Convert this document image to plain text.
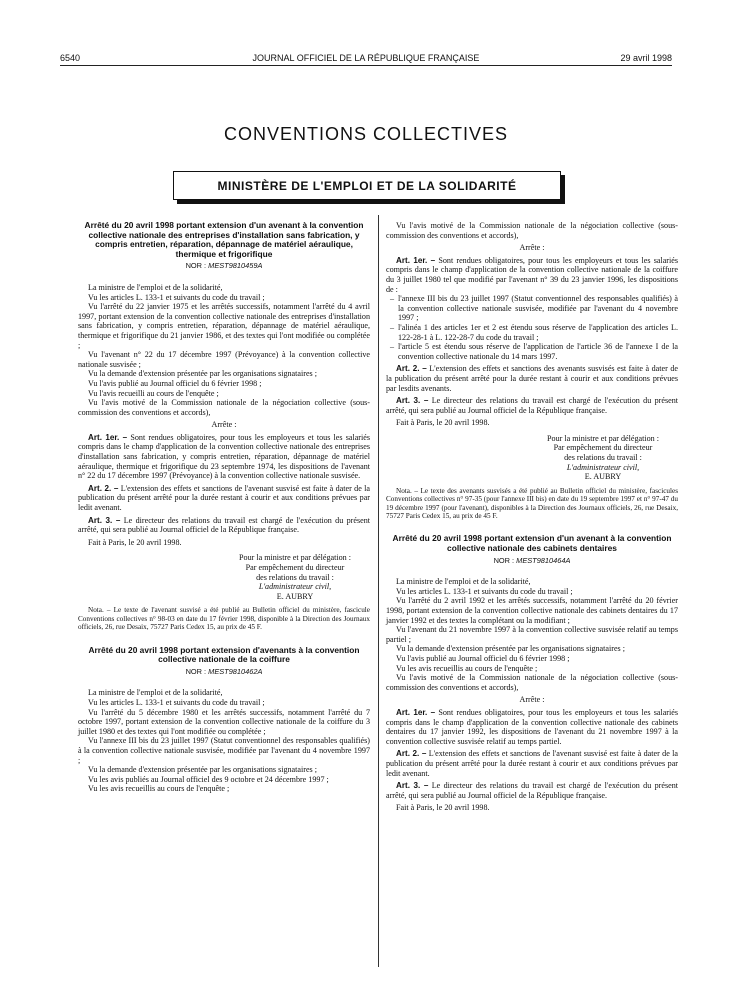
6540	JOURNAL OFFICIEL DE LA RÉPUBLIQUE FRANÇAISE	29 avril 1998
CONVENTIONS COLLECTIVES
MINISTÈRE DE L'EMPLOI ET DE LA SOLIDARITÉ
Arrêté du 20 avril 1998 portant extension d'un avenant à la convention collective nationale des entreprises d'installation sans fabrication, y compris entretien, réparation, dépannage de matériel aéraulique, thermique et frigorifique
NOR : MEST9810459A

La ministre de l'emploi et de la solidarité,

Vu les articles L. 133-1 et suivants du code du travail ;

Vu l'arrêté du 22 janvier 1975 et les arrêtés successifs, notamment l'arrêté du 4 avril 1997, portant extension de la convention collective nationale des entreprises d'installation sans fabrication, y compris entretien, réparation, dépannage de matériel aéraulique, thermique et frigorifique du 21 janvier 1986, et des textes qui l'ont modifiée ou complétée ;

Vu l'avenant n° 22 du 17 décembre 1997 (Prévoyance) à la convention collective nationale susvisée ;

Vu la demande d'extension présentée par les organisations signataires ;

Vu l'avis publié au Journal officiel du 6 février 1998 ;

Vu l'avis recueilli au cours de l'enquête ;

Vu l'avis motivé de la Commission nationale de la négociation collective (sous-commission des conventions et accords),

Arrête :

Art. 1er. – Sont rendues obligatoires, pour tous les employeurs et tous les salariés compris dans le champ d'application de la convention collective nationale des entreprises d'installation sans fabrication, y compris entretien, réparation, dépannage de matériel aéraulique, thermique et frigorifique du 23 septembre 1974, les dispositions de l'avenant n° 22 du 17 décembre 1997 (Prévoyance) à la convention collective nationale susvisée.

Art. 2. – L'extension des effets et sanctions de l'avenant susvisé est faite à dater de la publication du présent arrêté pour la durée restant à courir et aux conditions prévues par ledit avenant.

Art. 3. – Le directeur des relations du travail est chargé de l'exécution du présent arrêté, qui sera publié au Journal officiel de la République française.

Fait à Paris, le 20 avril 1998.

Pour la ministre et par délégation :
Par empêchement du directeur
des relations du travail :
L'administrateur civil,
E. AUBRY
Nota. – Le texte de l'avenant susvisé a été publié au Bulletin officiel du ministère, fascicule Conventions collectives n° 98-03 en date du 17 février 1998, disponible à la Direction des Journaux officiels, 26, rue Desaix, 75727 Paris Cedex 15, au prix de 45 F.
Arrêté du 20 avril 1998 portant extension d'avenants à la convention collective nationale de la coiffure
NOR : MEST9810462A

La ministre de l'emploi et de la solidarité,

Vu les articles L. 133-1 et suivants du code du travail ;

Vu l'arrêté du 5 décembre 1980 et les arrêtés successifs, notamment l'arrêté du 7 octobre 1997, portant extension de la convention collective nationale de la coiffure du 3 juillet 1980 et des textes qui l'ont modifiée ou complétée ;

Vu l'annexe III bis du 23 juillet 1997 (Statut conventionnel des responsables qualifiés) à la convention collective nationale susvisée, modifiée par l'avenant du 4 novembre 1997 ;

Vu la demande d'extension présentée par les organisations signataires ;

Vu les avis publiés au Journal officiel des 9 octobre et 24 décembre 1997 ;

Vu les avis recueillis au cours de l'enquête ;

Vu l'avis motivé de la Commission nationale de la négociation collective (sous-commission des conventions et accords),

Arrête :

Art. 1er. – Sont rendues obligatoires, pour tous les employeurs et tous les salariés compris dans le champ d'application de la convention collective nationale de la coiffure du 3 juillet 1980 tel que modifié par l'avenant n° 39 du 23 janvier 1996, les dispositions de :

– l'annexe III bis du 23 juillet 1997 (Statut conventionnel des responsables qualifiés) à la convention collective nationale susvisée, modifiée par l'avenant du 4 novembre 1997 ;

– l'alinéa 1 des articles 1er et 2 est étendu sous réserve de l'application des articles L. 122-28-1 à L. 122-28-7 du code du travail ;

– l'article 5 est étendu sous réserve de l'application de l'article 36 de l'annexe I de la convention collective nationale du 14 mars 1997.

Art. 2. – L'extension des effets et sanctions des avenants susvisés est faite à dater de la publication du présent arrêté pour la durée restant à courir et aux conditions prévues par lesdits avenants.

Art. 3. – Le directeur des relations du travail est chargé de l'exécution du présent arrêté, qui sera publié au Journal officiel de la République française.

Fait à Paris, le 20 avril 1998.

Pour la ministre et par délégation :
Par empêchement du directeur
des relations du travail :
L'administrateur civil,
E. AUBRY
Nota. – Le texte des avenants susvisés a été publié au Bulletin officiel du ministère, fascicules Conventions collectives n° 97-35 (pour l'annexe III bis) en date du 19 septembre 1997 et n° 97-47 du 19 décembre 1997 (pour l'avenant), disponibles à la Direction des Journaux officiels, 26, rue Desaix, 75727 Paris Cedex 15, au prix de 45 F.
Arrêté du 20 avril 1998 portant extension d'un avenant à la convention collective nationale des cabinets dentaires
NOR : MEST9810464A

La ministre de l'emploi et de la solidarité,

Vu les articles L. 133-1 et suivants du code du travail ;

Vu l'arrêté du 2 avril 1992 et les arrêtés successifs, notamment l'arrêté du 20 février 1998, portant extension de la convention collective nationale des cabinets dentaires du 17 janvier 1992 et des textes la complétant ou la modifiant ;

Vu l'avenant du 21 novembre 1997 à la convention collective susvisée relatif au temps partiel ;

Vu la demande d'extension présentée par les organisations signataires ;

Vu l'avis publié au Journal officiel du 6 février 1998 ;

Vu les avis recueillis au cours de l'enquête ;

Vu l'avis motivé de la Commission nationale de la négociation collective (sous-commission des conventions et accords),

Arrête :

Art. 1er. – Sont rendues obligatoires, pour tous les employeurs et tous les salariés compris dans le champ d'application de la convention collective nationale des cabinets dentaires du 17 janvier 1992, les dispositions de l'avenant du 21 novembre 1997 à la convention collective susvisée relatif au temps partiel.

Art. 2. – L'extension des effets et sanctions de l'avenant susvisé est faite à dater de la publication du présent arrêté pour la durée restant à courir et aux conditions prévues par ledit avenant.

Art. 3. – Le directeur des relations du travail est chargé de l'exécution du présent arrêté, qui sera publié au Journal officiel de la République française.

Fait à Paris, le 20 avril 1998.
